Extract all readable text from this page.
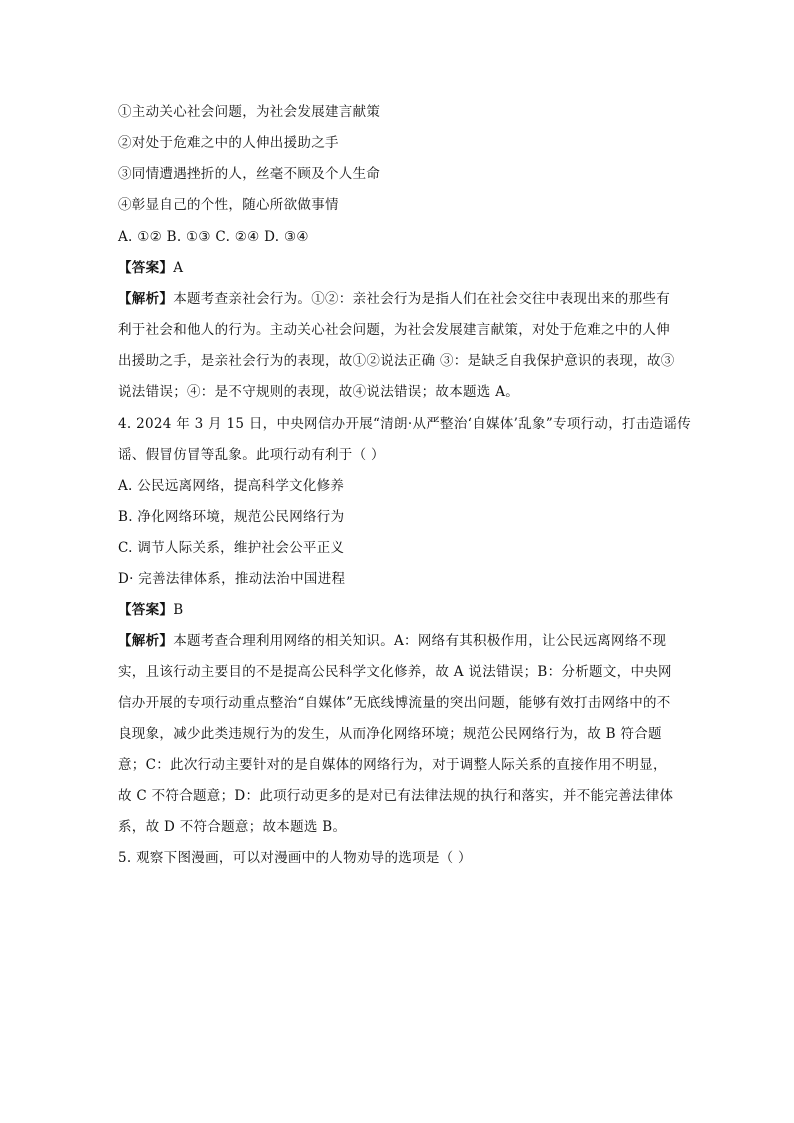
①主动关心社会问题，为社会发展建言献策
②对处于危难之中的人伸出援助之手
③同情遭遇挫折的人，丝毫不顾及个人生命
④彰显自己的个性，随心所欲做事情
A. ①② B. ①③ C. ②④ D. ③④
【答案】A
【解析】本题考查亲社会行为。①②：亲社会行为是指人们在社会交往中表现出来的那些有
利于社会和他人的行为。主动关心社会问题，为社会发展建言献策，对处于危难之中的人伸
出援助之手，是亲社会行为的表现，故①②说法正确 ③：是缺乏自我保护意识的表现，故③
说法错误；④：是不守规则的表现，故④说法错误；故本题选 A。
4. 2024 年 3 月 15 日，中央网信办开展“清朗·从严整治‘自媒体’乱象”专项行动，打击造谣传
谣、假冒仿冒等乱象。此项行动有利于（ ）
A. 公民远离网络，提高科学文化修养
B. 净化网络环境，规范公民网络行为
C. 调节人际关系，维护社会公平正义
D· 完善法律体系，推动法治中国进程
【答案】B
【解析】本题考查合理利用网络的相关知识。A：网络有其积极作用，让公民远离网络不现
实，且该行动主要目的不是提高公民科学文化修养，故 A 说法错误；B：分析题文，中央网
信办开展的专项行动重点整治“自媒体”无底线博流量的突出问题，能够有效打击网络中的不
良现象，减少此类违规行为的发生，从而净化网络环境；规范公民网络行为，故 B 符合题
意；C：此次行动主要针对的是自媒体的网络行为，对于调整人际关系的直接作用不明显，
故 C 不符合题意；D：此项行动更多的是对已有法律法规的执行和落实，并不能完善法律体
系，故 D 不符合题意；故本题选 B。
5. 观察下图漫画，可以对漫画中的人物劝导的选项是（ ）
